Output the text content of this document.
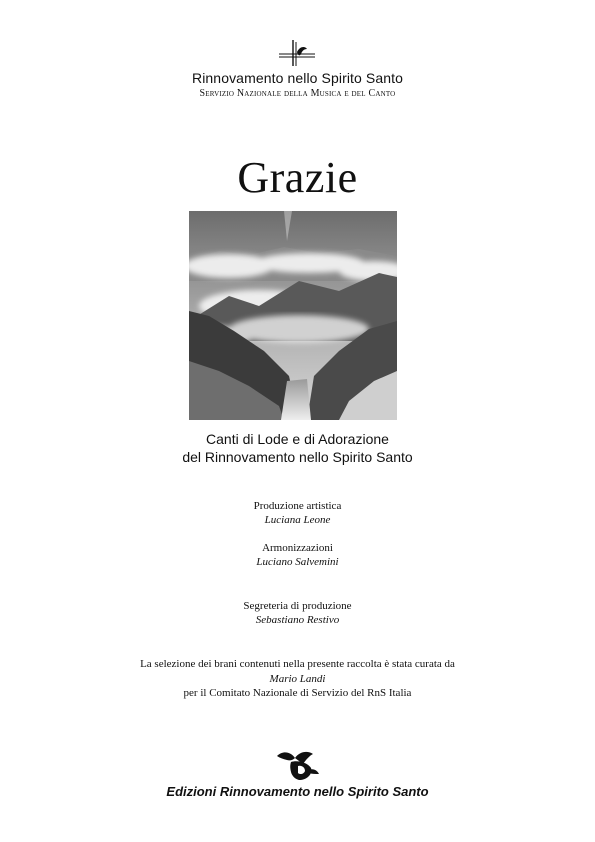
Rinnovamento nello Spirito Santo
Servizio Nazionale della Musica e del Canto
Grazie
Canti di Lode e di Adorazione
del Rinnovamento nello Spirito Santo
Produzione artistica
Luciana Leone
Armonizzazioni
Luciano Salvemini
Segreteria di produzione
Sebastiano Restivo
La selezione dei brani contenuti nella presente raccolta è stata curata da
Mario Landi
per il Comitato Nazionale di Servizio del RnS Italia
Edizioni Rinnovamento nello Spirito Santo
